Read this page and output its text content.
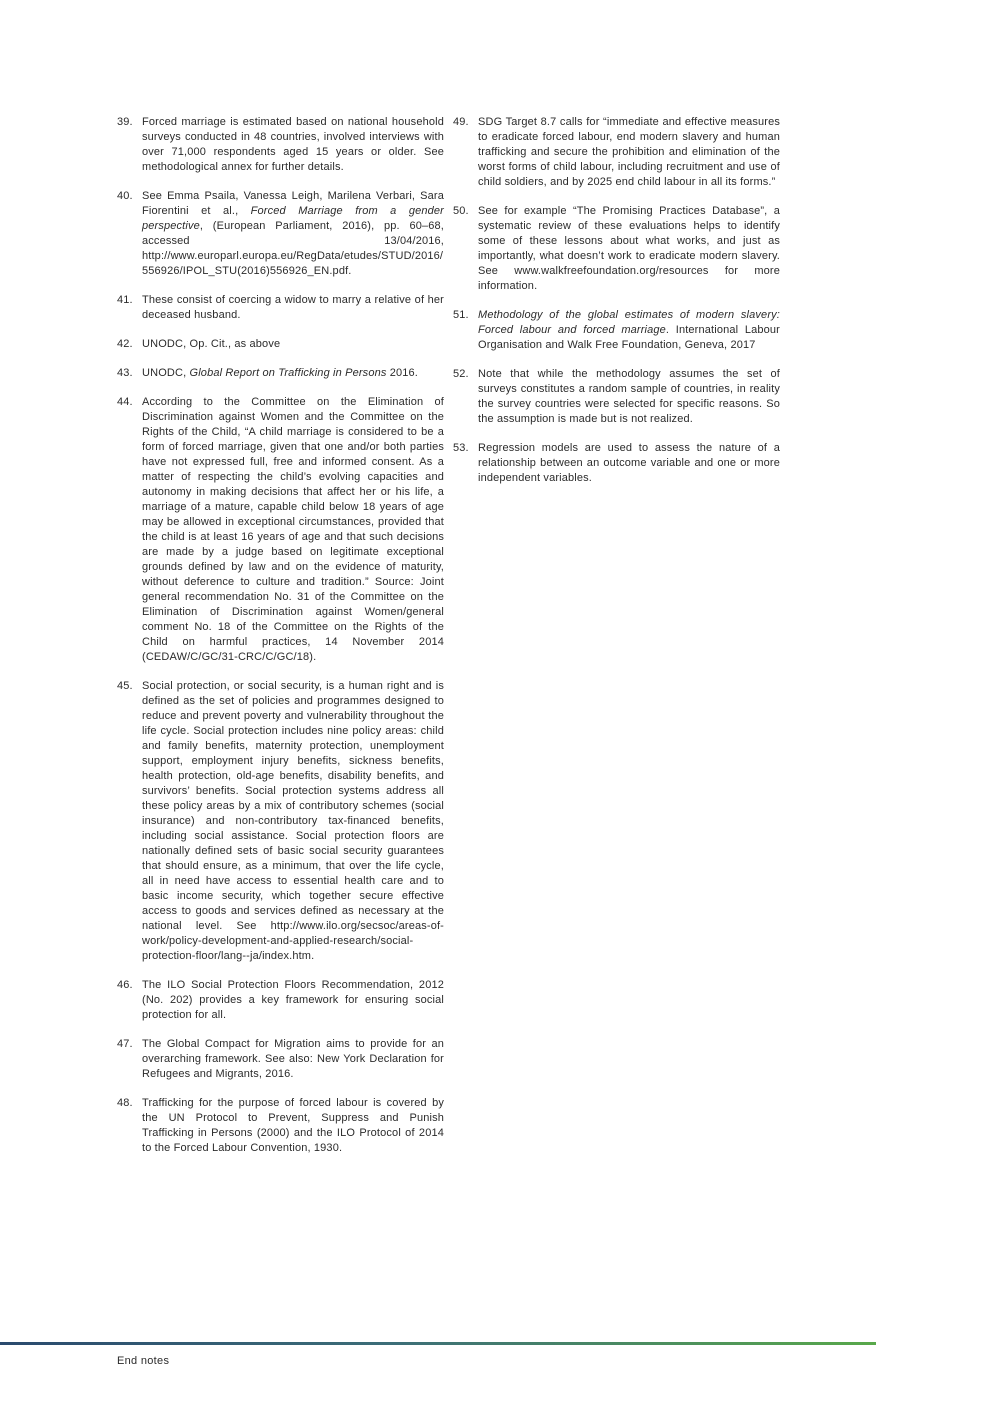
39. Forced marriage is estimated based on national household surveys conducted in 48 countries, involved interviews with over 71,000 respondents aged 15 years or older. See methodological annex for further details.
40. See Emma Psaila, Vanessa Leigh, Marilena Verbari, Sara Fiorentini et al., Forced Marriage from a gender perspective, (European Parliament, 2016), pp. 60–68, accessed 13/04/2016, http://www.europarl.europa.eu/RegData/etudes/STUD/2016/556926/IPOL_STU(2016)556926_EN.pdf.
41. These consist of coercing a widow to marry a relative of her deceased husband.
42. UNODC, Op. Cit., as above
43. UNODC, Global Report on Trafficking in Persons 2016.
44. According to the Committee on the Elimination of Discrimination against Women and the Committee on the Rights of the Child, “A child marriage is considered to be a form of forced marriage, given that one and/or both parties have not expressed full, free and informed consent. As a matter of respecting the child’s evolving capacities and autonomy in making decisions that affect her or his life, a marriage of a mature, capable child below 18 years of age may be allowed in exceptional circumstances, provided that the child is at least 16 years of age and that such decisions are made by a judge based on legitimate exceptional grounds defined by law and on the evidence of maturity, without deference to culture and tradition.” Source: Joint general recommendation No. 31 of the Committee on the Elimination of Discrimination against Women/general comment No. 18 of the Committee on the Rights of the Child on harmful practices, 14 November 2014 (CEDAW/C/GC/31-CRC/C/GC/18).
45. Social protection, or social security, is a human right and is defined as the set of policies and programmes designed to reduce and prevent poverty and vulnerability throughout the life cycle. Social protection includes nine policy areas: child and family benefits, maternity protection, unemployment support, employment injury benefits, sickness benefits, health protection, old-age benefits, disability benefits, and survivors’ benefits. Social protection systems address all these policy areas by a mix of contributory schemes (social insurance) and non-contributory tax-financed benefits, including social assistance. Social protection floors are nationally defined sets of basic social security guarantees that should ensure, as a minimum, that over the life cycle, all in need have access to essential health care and to basic income security, which together secure effective access to goods and services defined as necessary at the national level. See http://www.ilo.org/secsoc/areas-of-work/policy-development-and-applied-research/social-protection-floor/lang--ja/index.htm.
46. The ILO Social Protection Floors Recommendation, 2012 (No. 202) provides a key framework for ensuring social protection for all.
47. The Global Compact for Migration aims to provide for an overarching framework. See also: New York Declaration for Refugees and Migrants, 2016.
48. Trafficking for the purpose of forced labour is covered by the UN Protocol to Prevent, Suppress and Punish Trafficking in Persons (2000) and the ILO Protocol of 2014 to the Forced Labour Convention, 1930.
49. SDG Target 8.7 calls for “immediate and effective measures to eradicate forced labour, end modern slavery and human trafficking and secure the prohibition and elimination of the worst forms of child labour, including recruitment and use of child soldiers, and by 2025 end child labour in all its forms.”
50. See for example “The Promising Practices Database”, a systematic review of these evaluations helps to identify some of these lessons about what works, and just as importantly, what doesn’t work to eradicate modern slavery. See www.walkfreefoundation.org/resources for more information.
51. Methodology of the global estimates of modern slavery: Forced labour and forced marriage. International Labour Organisation and Walk Free Foundation, Geneva, 2017
52. Note that while the methodology assumes the set of surveys constitutes a random sample of countries, in reality the survey countries were selected for specific reasons. So the assumption is made but is not realized.
53. Regression models are used to assess the nature of a relationship between an outcome variable and one or more independent variables.
End notes
